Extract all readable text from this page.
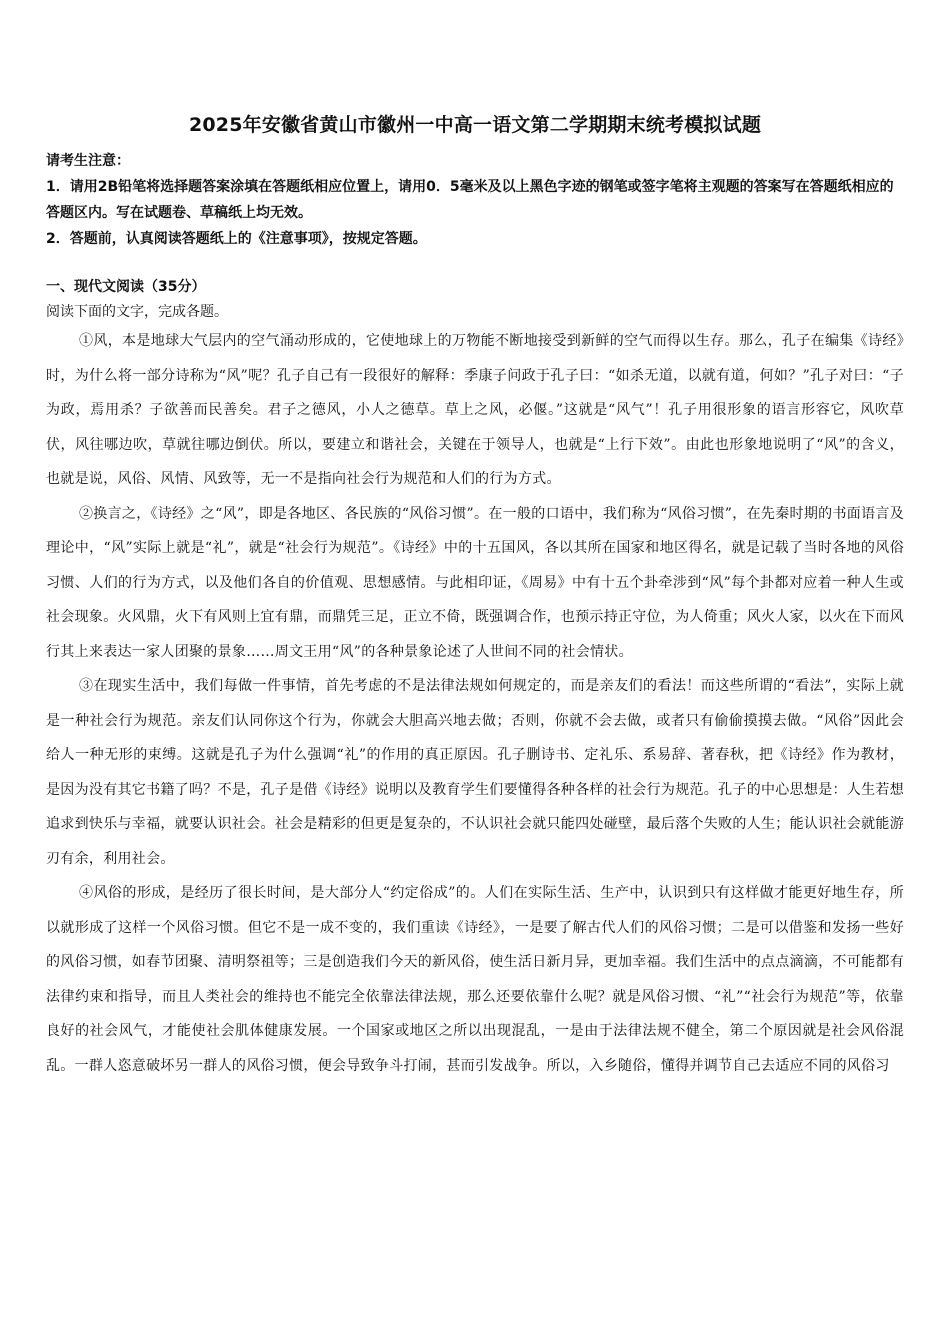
2025年安徽省黄山市徽州一中高一语文第二学期期末统考模拟试题

请考生注意：

1．请用2B铅笔将选择题答案涂填在答题纸相应位置上，请用0．5毫米及以上黑色字迹的钢笔或签字笔将主观题的答案写在答题纸相应的答题区内。写在试题卷、草稿纸上均无效。

2．答题前，认真阅读答题纸上的《注意事项》，按规定答题。

一、现代文阅读（35分）
阅读下面的文字，完成各题。

①风，本是地球大气层内的空气涌动形成的，它使地球上的万物能不断地接受到新鲜的空气而得以生存。那么，孔子在编集《诗经》时，为什么将一部分诗称为“风”呢？孔子自己有一段很好的解释：季康子问政于孔子曰：“如杀无道，以就有道，何如？”孔子对曰：“子为政，焉用杀？子欲善而民善矣。君子之德风，小人之德草。草上之风，必偃。”这就是“风气”！孔子用很形象的语言形容它，风吹草伏，风往哪边吹，草就往哪边倒伏。所以，要建立和谐社会，关键在于领导人，也就是“上行下效”。由此也形象地说明了“风”的含义，也就是说，风俗、风情、风致等，无一不是指向社会行为规范和人们的行为方式。

②换言之，《诗经》之“风”，即是各地区、各民族的“风俗习惯”。在一般的口语中，我们称为“风俗习惯”，在先秦时期的书面语言及理论中，“风”实际上就是“礼”，就是“社会行为规范”。《诗经》中的十五国风，各以其所在国家和地区得名，就是记载了当时各地的风俗习惯、人们的行为方式，以及他们各自的价值观、思想感情。与此相印证，《周易》中有十五个卦牵涉到“风”每个卦都对应着一种人生或社会现象。火风鼎，火下有风则上宜有鼎，而鼎凭三足，正立不倚，既强调合作，也预示持正守位，为人倚重；风火人家，以火在下而风行其上来表达一家人团聚的景象……周文王用“风”的各种景象论述了人世间不同的社会情状。

③在现实生活中，我们每做一件事情，首先考虑的不是法律法规如何规定的，而是亲友们的看法！而这些所谓的“看法”，实际上就是一种社会行为规范。亲友们认同你这个行为，你就会大胆高兴地去做；否则，你就不会去做，或者只有偷偷摸摸去做。“风俗”因此会给人一种无形的束缚。这就是孔子为什么强调“礼”的作用的真正原因。孔子删诗书、定礼乐、系易辞、著春秋，把《诗经》作为教材，是因为没有其它书籍了吗？不是，孔子是借《诗经》说明以及教育学生们要懂得各种各样的社会行为规范。孔子的中心思想是：人生若想追求到快乐与幸福，就要认识社会。社会是精彩的但更是复杂的，不认识社会就只能四处碰壁，最后落个失败的人生；能认识社会就能游刃有余，利用社会。

④风俗的形成，是经历了很长时间，是大部分人“约定俗成”的。人们在实际生活、生产中，认识到只有这样做才能更好地生存，所以就形成了这样一个风俗习惯。但它不是一成不变的，我们重读《诗经》，一是要了解古代人们的风俗习惯；二是可以借鉴和发扬一些好的风俗习惯，如春节团聚、清明祭祖等；三是创造我们今天的新风俗，使生活日新月异，更加幸福。我们生活中的点点滴滴，不可能都有法律约束和指导，而且人类社会的维持也不能完全依靠法律法规，那么还要依靠什么呢？就是风俗习惯、“礼”“社会行为规范”等，依靠良好的社会风气，才能使社会肌体健康发展。一个国家或地区之所以出现混乱，一是由于法律法规不健全，第二个原因就是社会风俗混乱。一群人恣意破坏另一群人的风俗习惯，便会导致争斗打闹，甚而引发战争。所以，入乡随俗，懂得并调节自己去适应不同的风俗习
